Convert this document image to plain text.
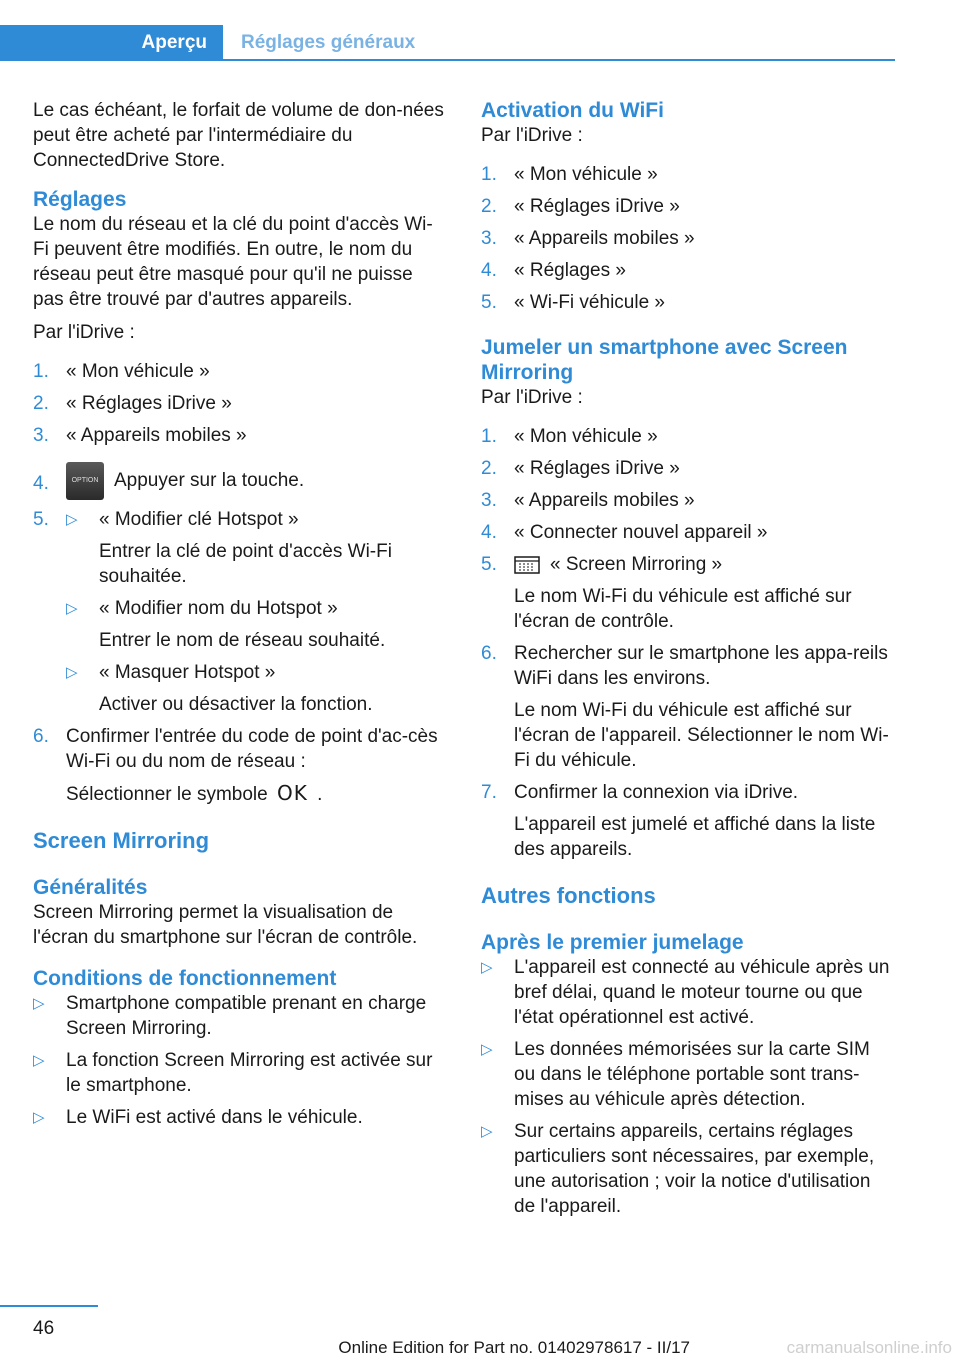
Aperçu	Réglages généraux

Le cas échéant, le forfait de volume de don-nées peut être acheté par l'intermédiaire du ConnectedDrive Store.

Réglages

Le nom du réseau et la clé du point d'accès Wi-Fi peuvent être modifiés. En outre, le nom du réseau peut être masqué pour qu'il ne puisse pas être trouvé par d'autres appareils.

Par l'iDrive :

1. « Mon véhicule »
2. « Réglages iDrive »
3. « Appareils mobiles »
4.	OPTION Appuyer sur la touche.
5. ▷ « Modifier clé Hotspot »
Entrer la clé de point d'accès Wi-Fi souhaitée.
▷ « Modifier nom du Hotspot »
Entrer le nom de réseau souhaité.
▷ « Masquer Hotspot »
Activer ou désactiver la fonction.
6. Confirmer l'entrée du code de point d'ac-cès Wi-Fi ou du nom de réseau :
Sélectionner le symbole OK .
Screen Mirroring
Généralités

Screen Mirroring permet la visualisation de l'écran du smartphone sur l'écran de contrôle.

Conditions de fonctionnement
▷ Smartphone compatible prenant en charge Screen Mirroring.
▷ La fonction Screen Mirroring est activée sur le smartphone.
▷ Le WiFi est activé dans le véhicule.
Activation du WiFi

Par l'iDrive :

1. « Mon véhicule »
2. « Réglages iDrive »
3. « Appareils mobiles »
4. « Réglages »
5. « Wi-Fi véhicule »
Jumeler un smartphone avec Screen Mirroring

Par l'iDrive :

1. « Mon véhicule »
2. « Réglages iDrive »
3. « Appareils mobiles »
4. « Connecter nouvel appareil »
5.	« Screen Mirroring »
Le nom Wi-Fi du véhicule est affiché sur l'écran de contrôle.
6. Rechercher sur le smartphone les appa-reils WiFi dans les environs.
Le nom Wi-Fi du véhicule est affiché sur l'écran de l'appareil. Sélectionner le nom Wi-Fi du véhicule.
7. Confirmer la connexion via iDrive.
L'appareil est jumelé et affiché dans la liste des appareils.
Autres fonctions
Après le premier jumelage
▷ L'appareil est connecté au véhicule après un bref délai, quand le moteur tourne ou que l'état opérationnel est activé.
▷ Les données mémorisées sur la carte SIM ou dans le téléphone portable sont trans-mises au véhicule après détection.
▷ Sur certains appareils, certains réglages particuliers sont nécessaires, par exemple, une autorisation ; voir la notice d'utilisation de l'appareil.
46
Online Edition for Part no. 01402978617 - II/17	carmanualsonline.info
